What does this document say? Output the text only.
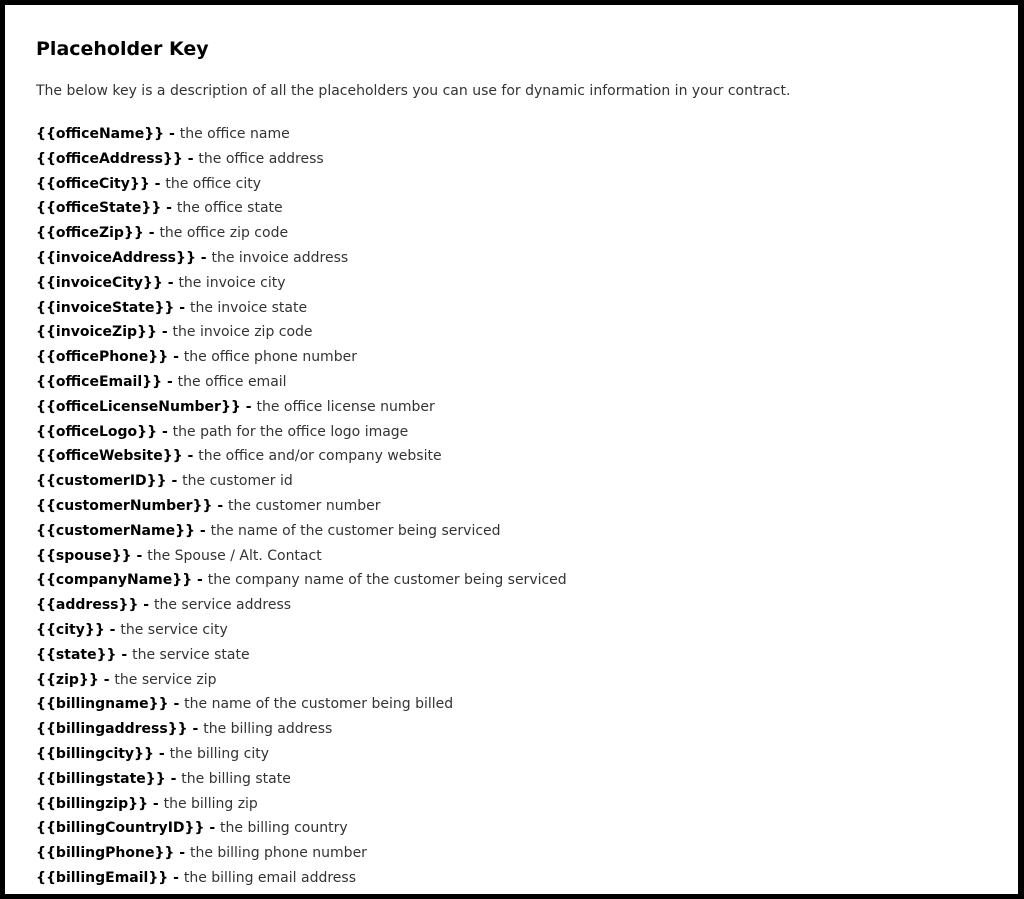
Placeholder Key

The below key is a description of all the placeholders you can use for dynamic information in your contract.

{{officeName}} - the office name
{{officeAddress}} - the office address
{{officeCity}} - the office city
{{officeState}} - the office state
{{officeZip}} - the office zip code
{{invoiceAddress}} - the invoice address
{{invoiceCity}} - the invoice city
{{invoiceState}} - the invoice state
{{invoiceZip}} - the invoice zip code
{{officePhone}} - the office phone number
{{officeEmail}} - the office email
{{officeLicenseNumber}} - the office license number
{{officeLogo}} - the path for the office logo image
{{officeWebsite}} - the office and/or company website
{{customerID}} - the customer id
{{customerNumber}} - the customer number
{{customerName}} - the name of the customer being serviced
{{spouse}} - the Spouse / Alt. Contact
{{companyName}} - the company name of the customer being serviced
{{address}} - the service address
{{city}} - the service city
{{state}} - the service state
{{zip}} - the service zip
{{billingname}} - the name of the customer being billed
{{billingaddress}} - the billing address
{{billingcity}} - the billing city
{{billingstate}} - the billing state
{{billingzip}} - the billing zip
{{billingCountryID}} - the billing country
{{billingPhone}} - the billing phone number
{{billingEmail}} - the billing email address
